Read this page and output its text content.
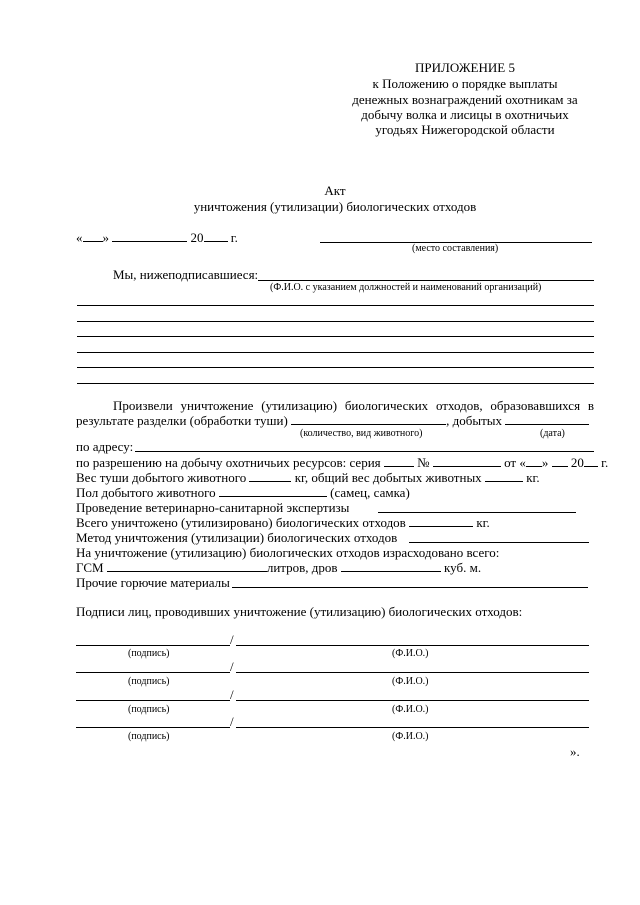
ПРИЛОЖЕНИЕ 5
к Положению о порядке выплаты
денежных вознаграждений охотникам за
добычу волка и лисицы в охотничьих
угодьях Нижегородской области
Акт
уничтожения (утилизации) биологических отходов
« »	20 г.
(место составления)
Мы, нижеподписавшиеся:
(Ф.И.О. с указанием должностей и наименований организаций)
Произвели уничтожение (утилизацию) биологических отходов, образовавшихся в
результате разделки (обработки туши)	, добытых
(количество, вид животного)	(дата)
по адресу:
по разрешению на добычу охотничьих ресурсов: серия	№	от « » 20 г.
Вес туши добытого животного	кг, общий вес добытых животных	кг.
Пол добытого животного	(самец, самка)
Проведение ветеринарно-санитарной экспертизы
Всего уничтожено (утилизировано) биологических отходов	кг.
Метод уничтожения (утилизации) биологических отходов
На уничтожение (утилизацию) биологических отходов израсходовано всего:
ГСМ	литров, дров	куб. м.
Прочие горючие материалы
Подписи лиц, проводивших уничтожение (утилизацию) биологических отходов:
/
(подпись)	(Ф.И.О.)
/
(подпись)	(Ф.И.О.)
/
(подпись)	(Ф.И.О.)
/
(подпись)	(Ф.И.О.)
».
